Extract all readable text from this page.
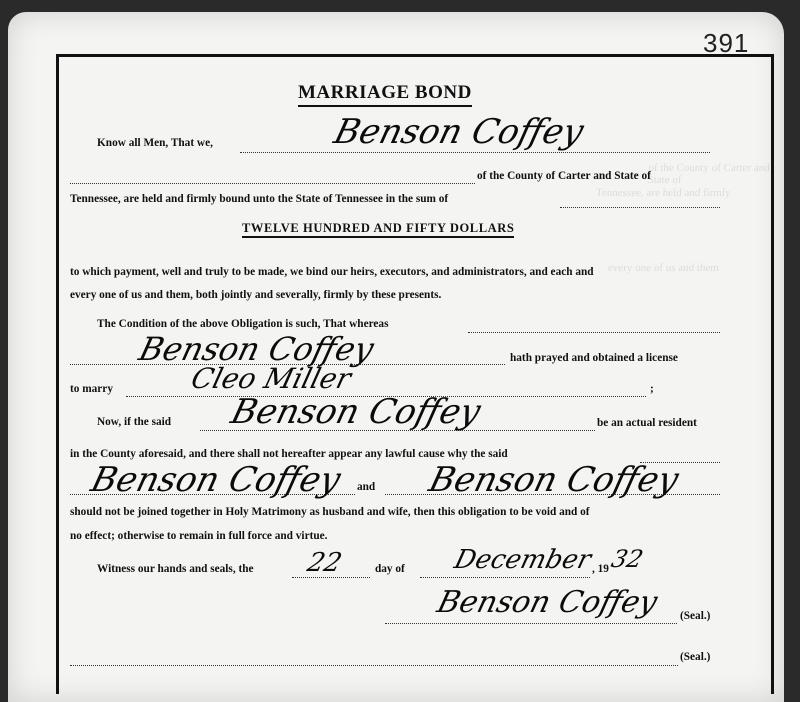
of the County of Carter and State of
Tennessee, are held and firmly
every one of us and them
391
MARRIAGE BOND
Know all Men, That we,	Benson Coffey
of the County of Carter and State of
Tennessee, are held and firmly bound unto the State of Tennessee in the sum of
TWELVE HUNDRED AND FIFTY DOLLARS
to which payment, well and truly to be made, we bind our heirs, executors, and administrators, and each and
every one of us and them, both jointly and severally, firmly by these presents.
The Condition of the above Obligation is such, That whereas
Benson Coffey	hath prayed and obtained a license
to marry	Cleo Miller	;
Now, if the said Benson Coffey	be an actual resident
in the County aforesaid, and there shall not hereafter appear any lawful cause why the said
Benson Coffey and Benson Coffey
should not be joined together in Holy Matrimony as husband and wife, then this obligation to be void and of
no effect; otherwise to remain in full force and virtue.
Witness our hands and seals, the 22	day of December
, 19 32
Benson Coffey (Seal.)
(Seal.)
